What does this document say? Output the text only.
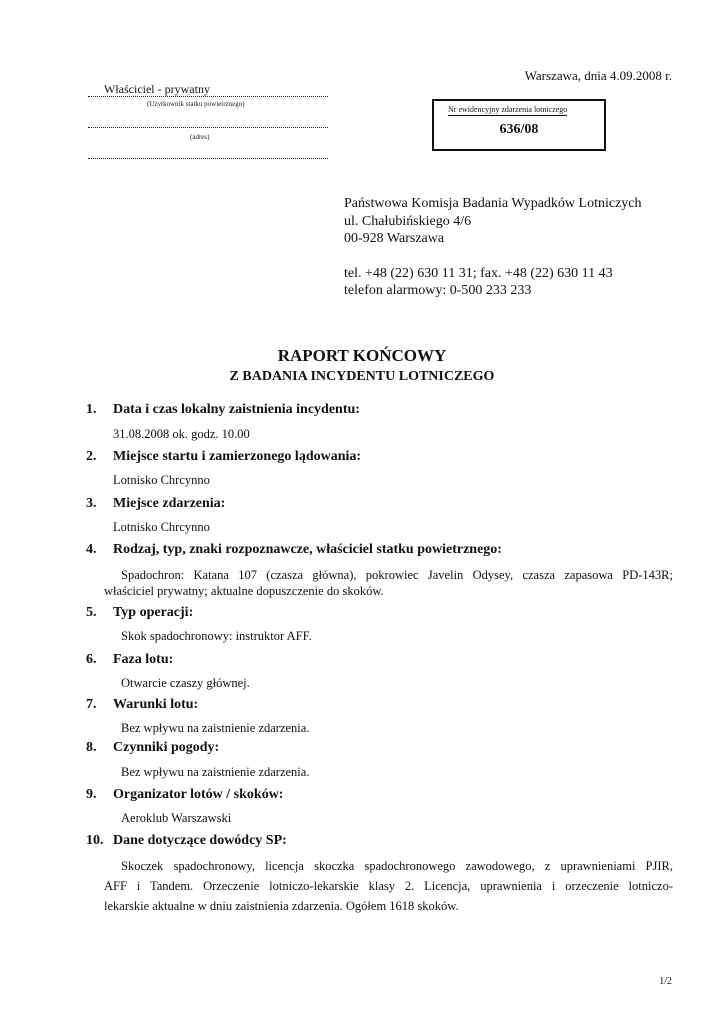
Warszawa, dnia 4.09.2008 r.
Właściciel - prywatny
(Użytkownik statku powietrznego)
(adres)
Nr ewidencyjny zdarzenia lotniczego
636/08
Państwowa Komisja Badania Wypadków Lotniczych
ul. Chałubińskiego 4/6
00-928 Warszawa
tel. +48 (22) 630 11 31; fax. +48 (22) 630 11 43
telefon alarmowy: 0-500 233 233
RAPORT KOŃCOWY
Z BADANIA INCYDENTU LOTNICZEGO
1. Data i czas lokalny zaistnienia incydentu:
31.08.2008 ok. godz. 10.00
2. Miejsce startu i zamierzonego lądowania:
Lotnisko Chrcynno
3. Miejsce zdarzenia:
Lotnisko Chrcynno
4. Rodzaj, typ, znaki rozpoznawcze, właściciel statku powietrznego:
Spadochron: Katana 107 (czasza główna), pokrowiec Javelin Odysey, czasza zapasowa PD-143R;
właściciel prywatny; aktualne dopuszczenie do skoków.
5. Typ operacji:
Skok spadochronowy: instruktor AFF.
6. Faza lotu:
Otwarcie czaszy głównej.
7. Warunki lotu:
Bez wpływu na zaistnienie zdarzenia.
8. Czynniki pogody:
Bez wpływu na zaistnienie zdarzenia.
9. Organizator lotów / skoków:
Aeroklub Warszawski
10. Dane dotyczące dowódcy SP:
Skoczek spadochronowy, licencja skoczka spadochronowego zawodowego, z uprawnieniami PJIR,
AFF i Tandem. Orzeczenie lotniczo-lekarskie klasy 2. Licencja, uprawnienia i orzeczenie lotniczo-
lekarskie aktualne w dniu zaistnienia zdarzenia. Ogółem 1618 skoków.
1/2
